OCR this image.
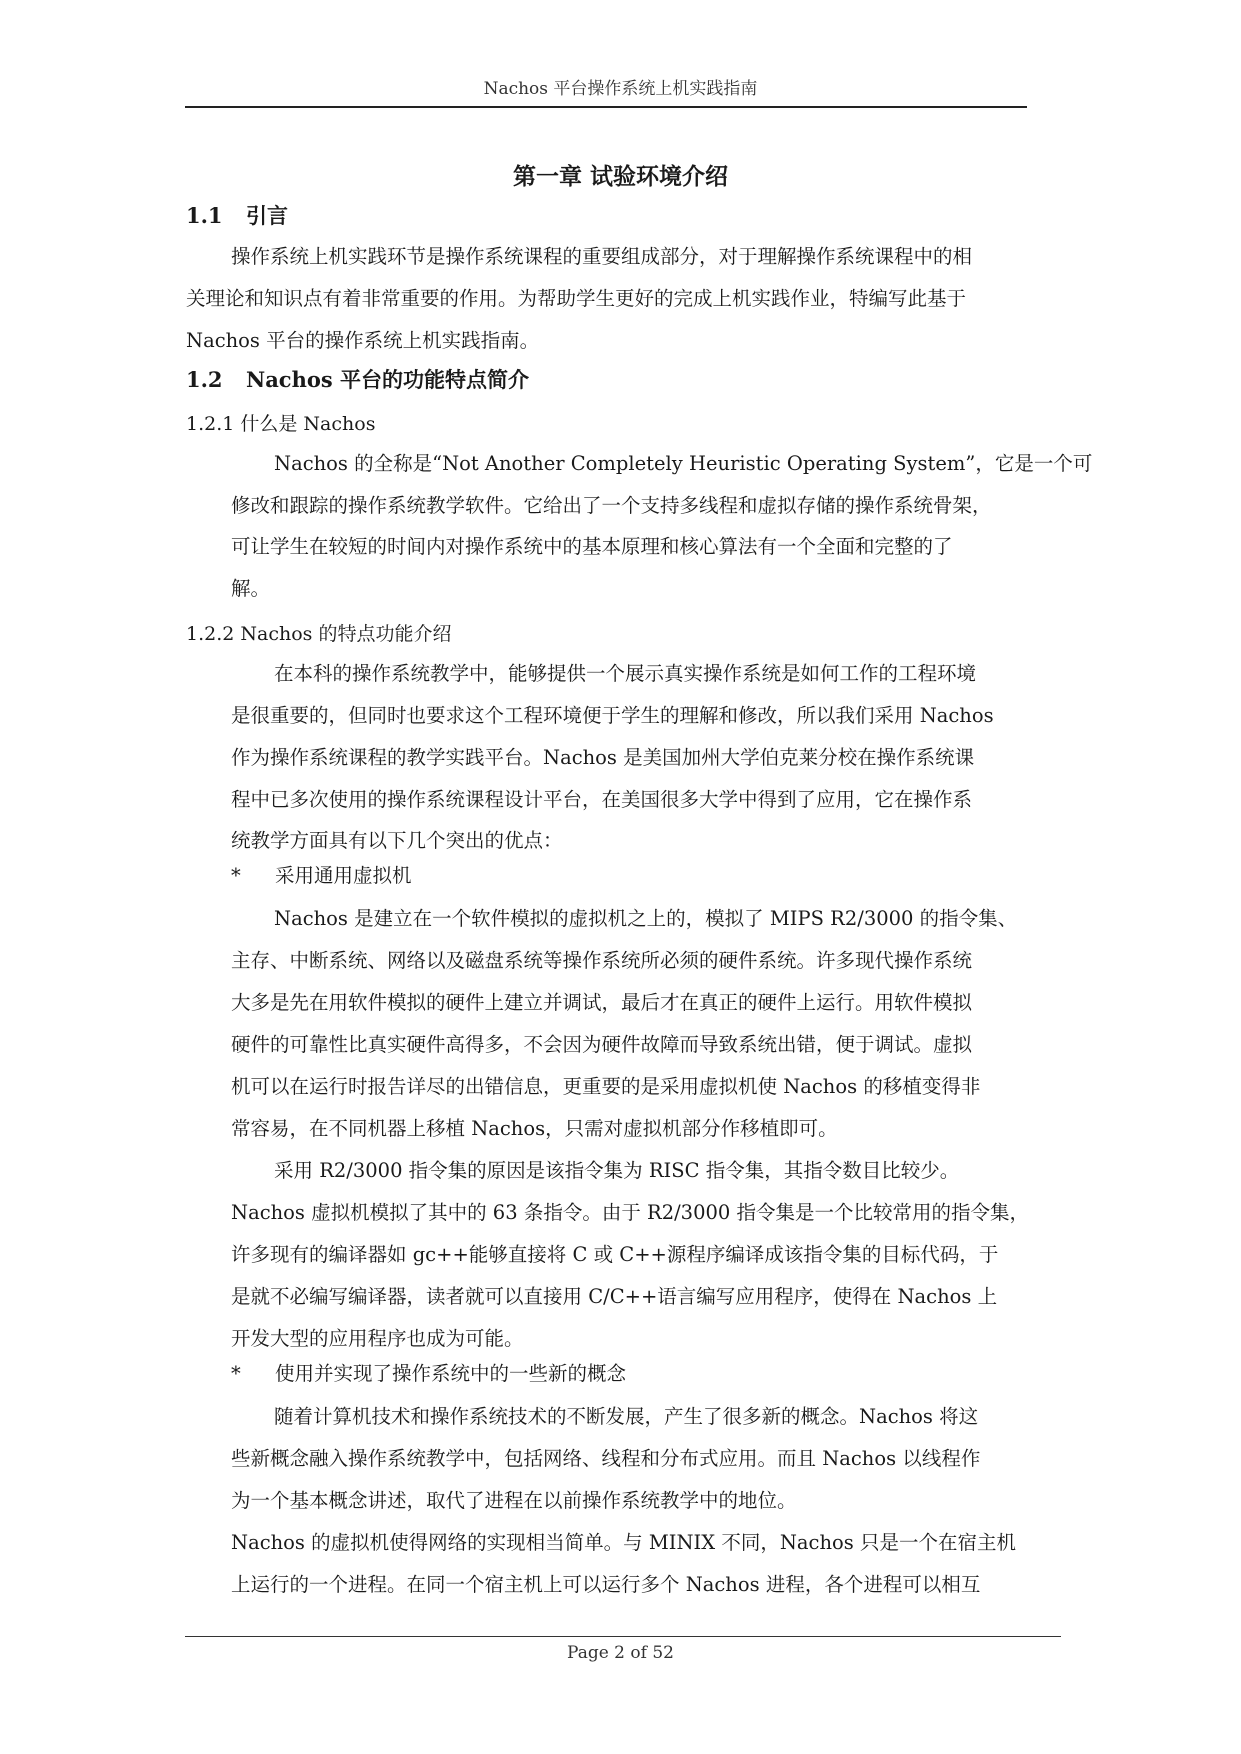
Nachos 平台操作系统上机实践指南
第一章 试验环境介绍
1.1 引言
操作系统上机实践环节是操作系统课程的重要组成部分，对于理解操作系统课程中的相
关理论和知识点有着非常重要的作用。为帮助学生更好的完成上机实践作业，特编写此基于
Nachos 平台的操作系统上机实践指南。
1.2 Nachos 平台的功能特点简介
1.2.1 什么是 Nachos
Nachos 的全称是“Not Another Completely Heuristic Operating System”，它是一个可
修改和跟踪的操作系统教学软件。它给出了一个支持多线程和虚拟存储的操作系统骨架，
可让学生在较短的时间内对操作系统中的基本原理和核心算法有一个全面和完整的了
解。
1.2.2 Nachos 的特点功能介绍
在本科的操作系统教学中，能够提供一个展示真实操作系统是如何工作的工程环境
是很重要的，但同时也要求这个工程环境便于学生的理解和修改，所以我们采用 Nachos
作为操作系统课程的教学实践平台。Nachos 是美国加州大学伯克莱分校在操作系统课
程中已多次使用的操作系统课程设计平台，在美国很多大学中得到了应用，它在操作系
统教学方面具有以下几个突出的优点：
* 采用通用虚拟机
Nachos 是建立在一个软件模拟的虚拟机之上的，模拟了 MIPS R2/3000 的指令集、
主存、中断系统、网络以及磁盘系统等操作系统所必须的硬件系统。许多现代操作系统
大多是先在用软件模拟的硬件上建立并调试，最后才在真正的硬件上运行。用软件模拟
硬件的可靠性比真实硬件高得多，不会因为硬件故障而导致系统出错，便于调试。虚拟
机可以在运行时报告详尽的出错信息，更重要的是采用虚拟机使 Nachos 的移植变得非
常容易，在不同机器上移植 Nachos，只需对虚拟机部分作移植即可。
采用 R2/3000 指令集的原因是该指令集为 RISC 指令集，其指令数目比较少。
Nachos 虚拟机模拟了其中的 63 条指令。由于 R2/3000 指令集是一个比较常用的指令集，
许多现有的编译器如 gc++能够直接将 C 或 C++源程序编译成该指令集的目标代码，于
是就不必编写编译器，读者就可以直接用 C/C++语言编写应用程序，使得在 Nachos 上
开发大型的应用程序也成为可能。
* 使用并实现了操作系统中的一些新的概念
随着计算机技术和操作系统技术的不断发展，产生了很多新的概念。Nachos 将这
些新概念融入操作系统教学中，包括网络、线程和分布式应用。而且 Nachos 以线程作
为一个基本概念讲述，取代了进程在以前操作系统教学中的地位。
Nachos 的虚拟机使得网络的实现相当简单。与 MINIX 不同，Nachos 只是一个在宿主机
上运行的一个进程。在同一个宿主机上可以运行多个 Nachos 进程，各个进程可以相互
Page 2 of 52
